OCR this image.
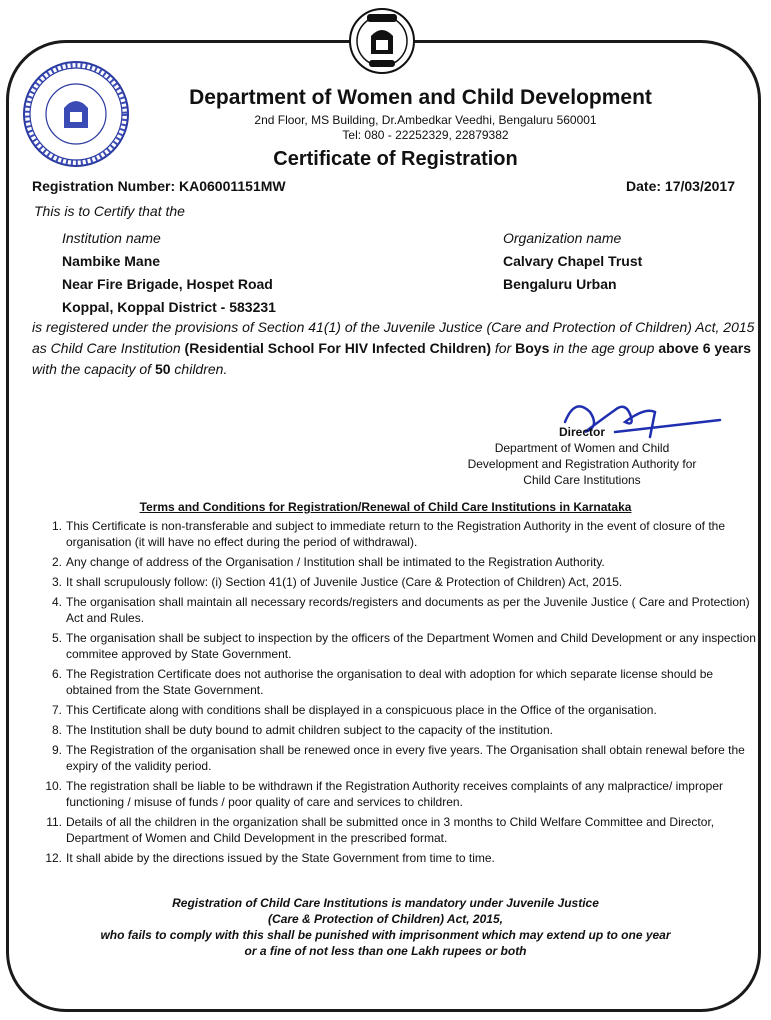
Department of Women and Child Development
2nd Floor, MS Building, Dr.Ambedkar Veedhi, Bengaluru 560001
Tel: 080 - 22252329, 22879382
Certificate of Registration
Registration Number: KA06001151MW	Date: 17/03/2017
This is to Certify that the
Institution name
Nambike Mane
Near Fire Brigade, Hospet Road
Koppal, Koppal District - 583231
Organization name
Calvary Chapel Trust
Bengaluru Urban
is registered under the provisions of Section 41(1) of the Juvenile Justice (Care and Protection of Children) Act, 2015 as Child Care Institution (Residential School For HIV Infected Children) for Boys in the age group above 6 years with the capacity of 50 children.
Director
Department of Women and Child
Development and Registration Authority for
Child Care Institutions
Terms and Conditions for Registration/Renewal of Child Care Institutions in Karnataka
1. This Certificate is non-transferable and subject to immediate return to the Registration Authority in the event of closure of the organisation (it will have no effect during the period of withdrawal).
2. Any change of address of the Organisation / Institution shall be intimated to the Registration Authority.
3. It shall scrupulously follow: (i) Section 41(1) of Juvenile Justice (Care & Protection of Children) Act, 2015.
4. The organisation shall maintain all necessary records/registers and documents as per the Juvenile Justice ( Care and Protection) Act and Rules.
5. The organisation shall be subject to inspection by the officers of the Department Women and Child Development or any inspection commitee approved by State Government.
6. The Registration Certificate does not authorise the organisation to deal with adoption for which separate license should be obtained from the State Government.
7. This Certificate along with conditions shall be displayed in a conspicuous place in the Office of the organisation.
8. The Institution shall be duty bound to admit children subject to the capacity of the institution.
9. The Registration of the organisation shall be renewed once in every five years. The Organisation shall obtain renewal before the expiry of the validity period.
10. The registration shall be liable to be withdrawn if the Registration Authority receives complaints of any malpractice/ improper functioning / misuse of funds / poor quality of care and services to children.
11. Details of all the children in the organization shall be submitted once in 3 months to Child Welfare Committee and Director, Department of Women and Child Development in the prescribed format.
12. It shall abide by the directions issued by the State Government from time to time.
Registration of Child Care Institutions is mandatory under Juvenile Justice
(Care & Protection of Children) Act, 2015,
who fails to comply with this shall be punished with imprisonment which may extend up to one year
or a fine of not less than one Lakh rupees or both
